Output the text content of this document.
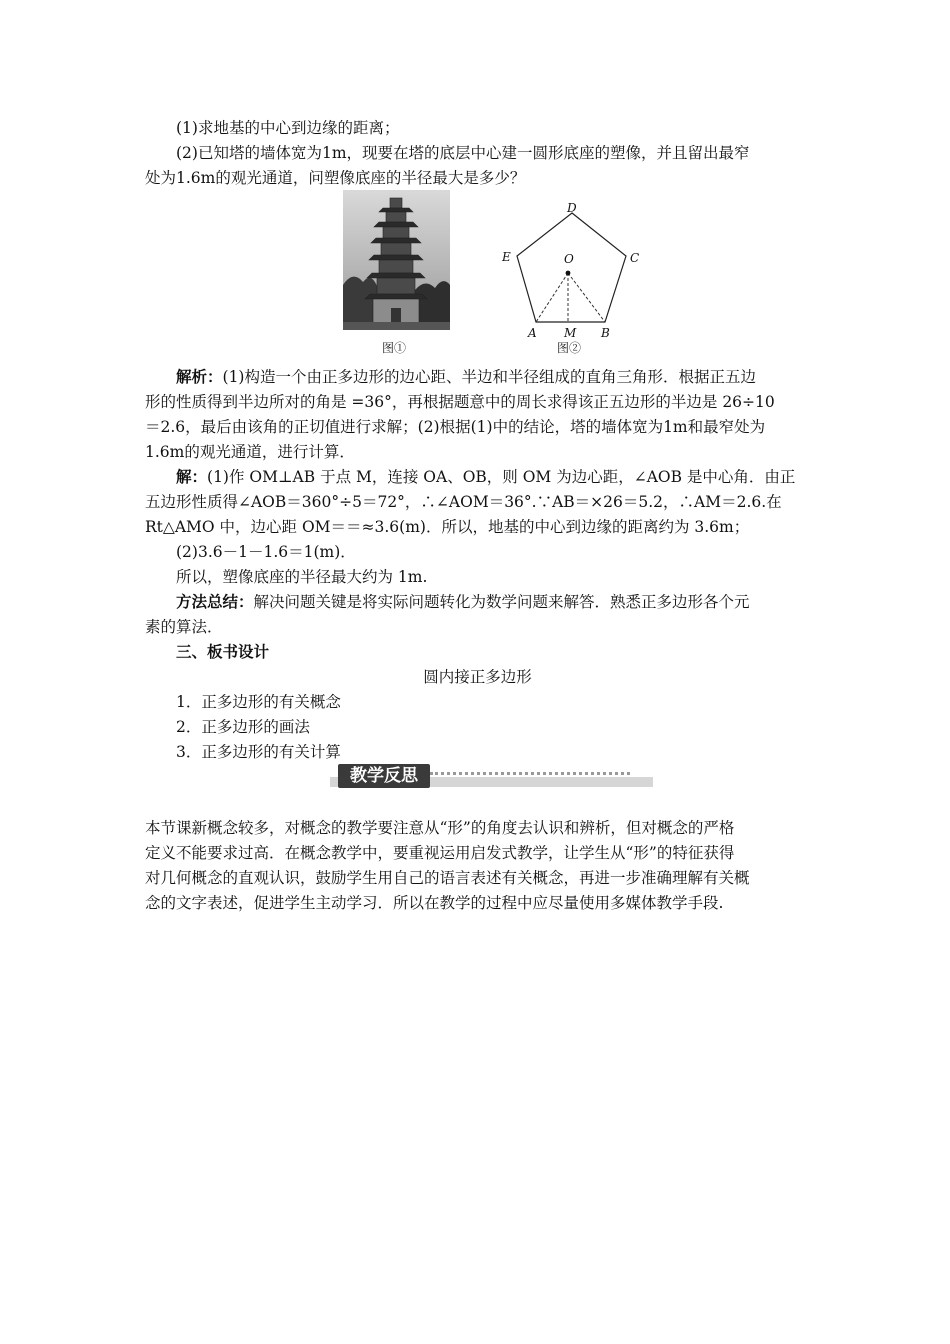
(1)求地基的中心到边缘的距离；
(2)已知塔的墙体宽为1m，现要在塔的底层中心建一圆形底座的塑像，并且留出最窄
处为1.6m的观光通道，问塑像底座的半径最大是多少？
图①
D
E	C
O
A M B
图②
解析：(1)构造一个由正多边形的边心距、半边和半径组成的直角三角形．根据正五边
形的性质得到半边所对的角是 =36°，再根据题意中的周长求得该正五边形的半边是 26÷10
＝2.6，最后由该角的正切值进行求解；(2)根据(1)中的结论，塔的墙体宽为1m和最窄处为
1.6m的观光通道，进行计算．
解：(1)作 OM⊥AB 于点 M，连接 OA、OB，则 OM 为边心距，∠AOB 是中心角．由正
五边形性质得∠AOB＝360°÷5＝72°，∴∠AOM＝36°.∵AB＝×26＝5.2，∴AM＝2.6.在
Rt△AMO 中，边心距 OM＝＝≈3.6(m)．所以，地基的中心到边缘的距离约为 3.6m；
(2)3.6－1－1.6＝1(m)．
所以，塑像底座的半径最大约为 1m.
方法总结：解决问题关键是将实际问题转化为数学问题来解答．熟悉正多边形各个元
素的算法．
三、板书设计
圆内接正多边形
1．正多边形的有关概念
2．正多边形的画法
3．正多边形的有关计算
教学反思
本节课新概念较多，对概念的教学要注意从“形”的角度去认识和辨析，但对概念的严格
定义不能要求过高．在概念教学中，要重视运用启发式教学，让学生从“形”的特征获得
对几何概念的直观认识，鼓励学生用自己的语言表述有关概念，再进一步准确理解有关概
念的文字表述，促进学生主动学习．所以在教学的过程中应尽量使用多媒体教学手段.
